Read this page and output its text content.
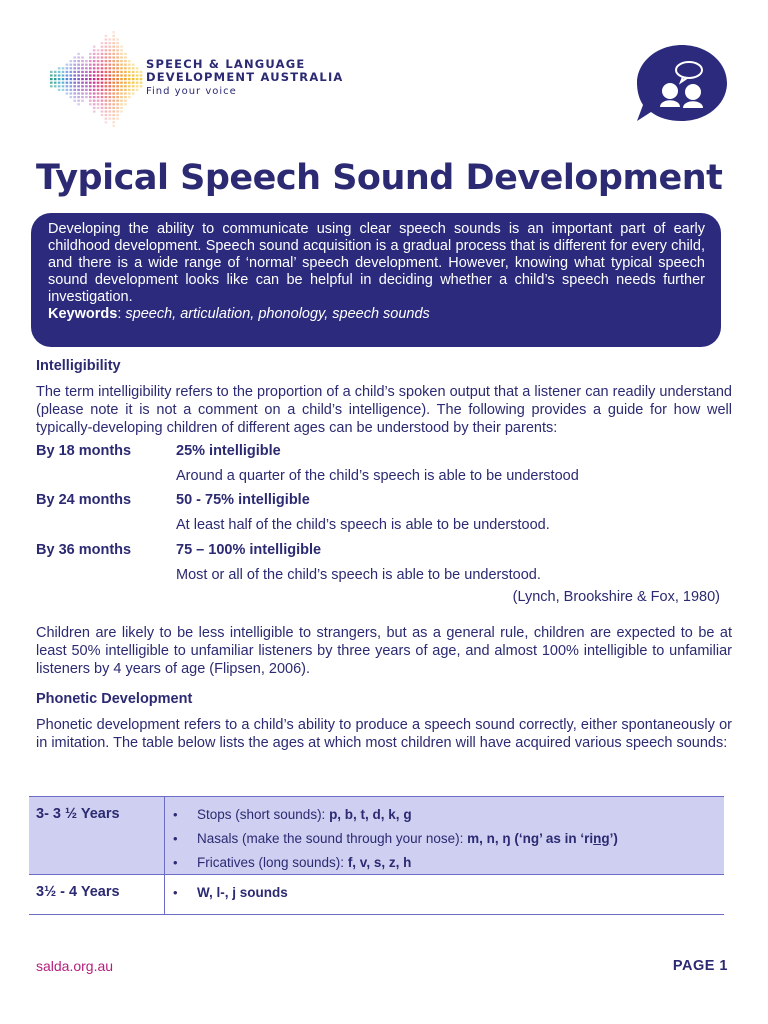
SPEECH & LANGUAGE
DEVELOPMENT AUSTRALIA
Find your voice
Typical Speech Sound Development

Developing the ability to communicate using clear speech sounds is an important part of early childhood development. Speech sound acquisition is a gradual process that is different for every child, and there is a wide range of ‘normal’ speech development. However, knowing what typical speech sound development looks like can be helpful in deciding whether a child’s speech needs further investigation.

Keywords: speech, articulation, phonology, speech sounds

Intelligibility

The term intelligibility refers to the proportion of a child’s spoken output that a listener can readily understand (please note it is not a comment on a child’s intelligence). The following provides a guide for how well typically-developing children of different ages can be understood by their parents:

By 18 months	25% intelligible
Around a quarter of the child’s speech is able to be understood
By 24 months	50 - 75% intelligible
At least half of the child’s speech is able to be understood.
By 36 months	75 – 100% intelligible
Most or all of the child’s speech is able to be understood.
(Lynch, Brookshire & Fox, 1980)

Children are likely to be less intelligible to strangers, but as a general rule, children are expected to be at least 50% intelligible to unfamiliar listeners by three years of age, and almost 100% intelligible to unfamiliar listeners by 4 years of age (Flipsen, 2006).

Phonetic Development

Phonetic development refers to a child’s ability to produce a speech sound correctly, either spontaneously or in imitation. The table below lists the ages at which most children will have acquired various speech sounds:

3- 3 ½ Years	• Stops (short sounds): p, b, t, d, k, g
• Nasals (make the sound through your nose): m, n, ŋ (‘ng’ as in ‘ring’)
• Fricatives (long sounds): f, v, s, z, h
3½ - 4 Years	• W, l-, j sounds
salda.org.au	PAGE 1
